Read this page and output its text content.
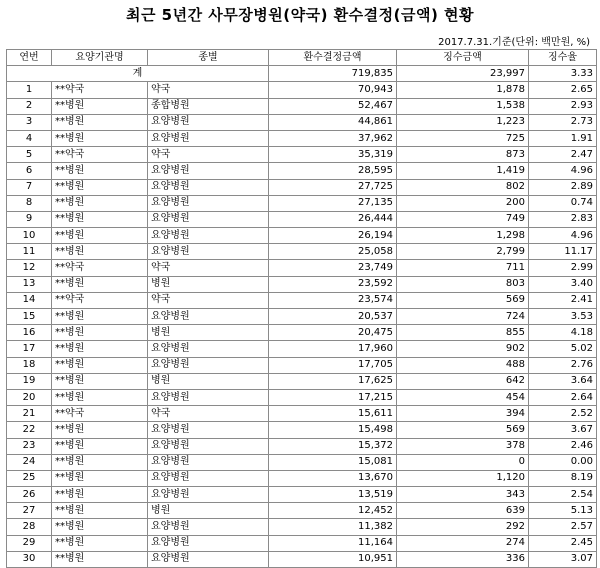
최근 5년간 사무장병원(약국) 환수결정(금액) 현황
2017.7.31.기준(단위: 백만원, %)
연번	요양기관명	종별	환수결정금액	징수금액	징수율
계			719,835	23,997	3.33
1	**약국	약국	70,943	1,878	2.65
2	**병원	종합병원	52,467	1,538	2.93
3	**병원	요양병원	44,861	1,223	2.73
4	**병원	요양병원	37,962	725	1.91
5	**약국	약국	35,319	873	2.47
6	**병원	요양병원	28,595	1,419	4.96
7	**병원	요양병원	27,725	802	2.89
8	**병원	요양병원	27,135	200	0.74
9	**병원	요양병원	26,444	749	2.83
10	**병원	요양병원	26,194	1,298	4.96
11	**병원	요양병원	25,058	2,799	11.17
12	**약국	약국	23,749	711	2.99
13	**병원	병원	23,592	803	3.40
14	**약국	약국	23,574	569	2.41
15	**병원	요양병원	20,537	724	3.53
16	**병원	병원	20,475	855	4.18
17	**병원	요양병원	17,960	902	5.02
18	**병원	요양병원	17,705	488	2.76
19	**병원	병원	17,625	642	3.64
20	**병원	요양병원	17,215	454	2.64
21	**약국	약국	15,611	394	2.52
22	**병원	요양병원	15,498	569	3.67
23	**병원	요양병원	15,372	378	2.46
24	**병원	요양병원	15,081	0	0.00
25	**병원	요양병원	13,670	1,120	8.19
26	**병원	요양병원	13,519	343	2.54
27	**병원	병원	12,452	639	5.13
28	**병원	요양병원	11,382	292	2.57
29	**병원	요양병원	11,164	274	2.45
30	**병원	요양병원	10,951	336	3.07
